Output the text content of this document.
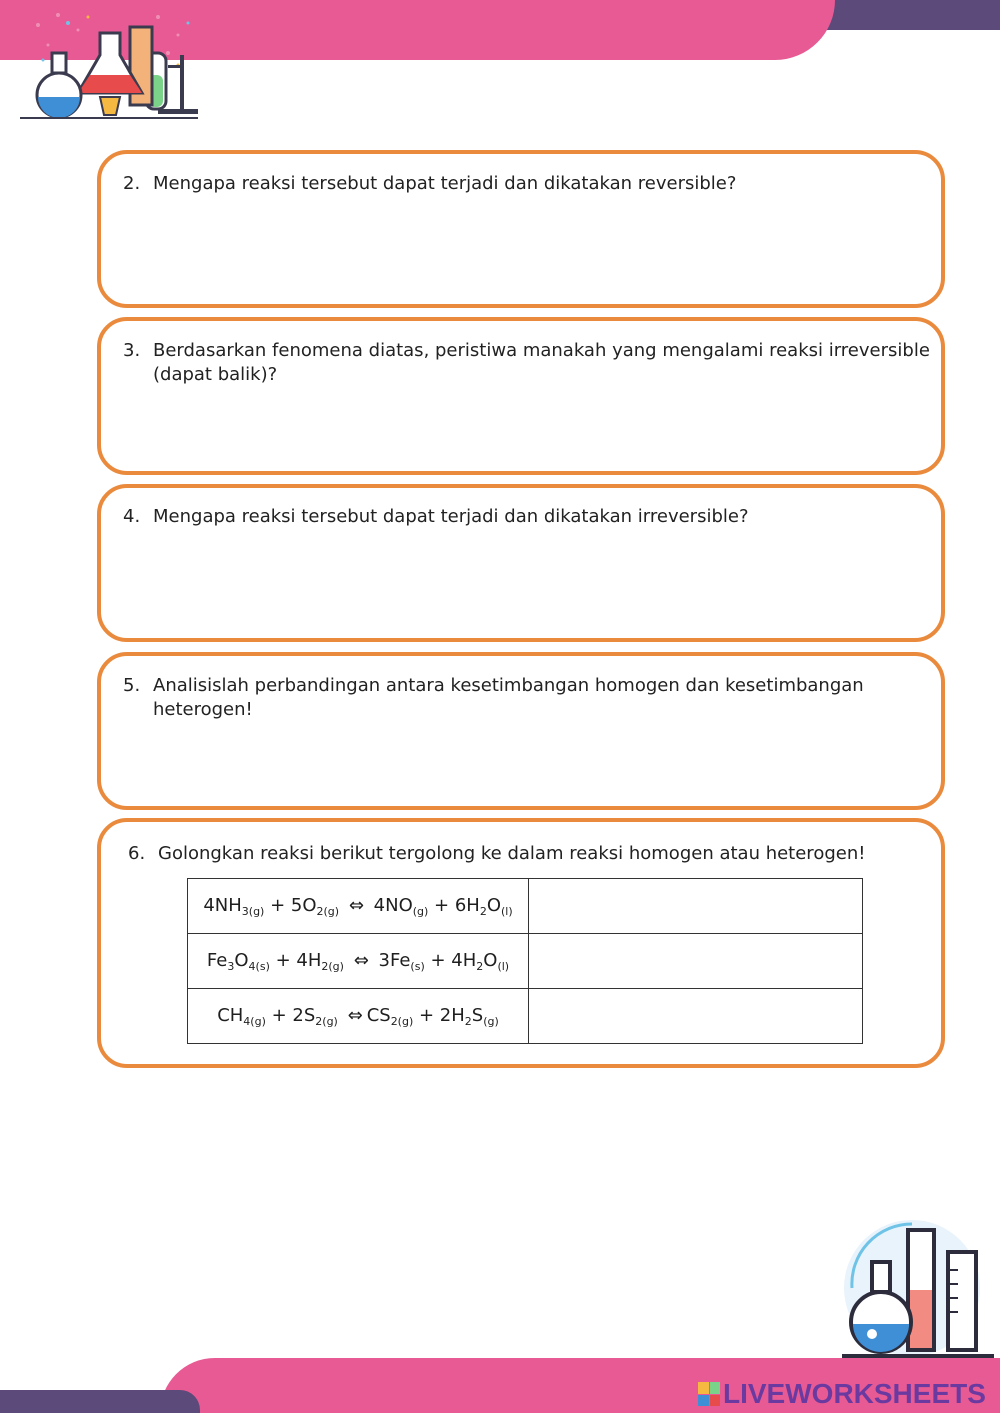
2. Mengapa reaksi tersebut dapat terjadi dan dikatakan reversible?
3. Berdasarkan fenomena diatas, peristiwa manakah yang mengalami reaksi irreversible
(dapat balik)?
4. Mengapa reaksi tersebut dapat terjadi dan dikatakan irreversible?
5. Analisislah perbandingan antara kesetimbangan homogen dan kesetimbangan
heterogen!
6. Golongkan reaksi berikut tergolong ke dalam reaksi homogen atau heterogen!
$4NH_{3(g)} + 5O_{2(g)}$ ⇔ $4NO_{(g)} + 6H_2O_{(l)}$	
$Fe_3O_{4(s)} + 4H_{2(g)}$ ⇔ $3Fe_{(s)} + 4H_2O_{(l)}$	
$CH_{4(g)} + 2S_{2(g)}$ ⇔ $CS_{2(g)} + 2H_2S_{(g)}$	
LIVEWORKSHEETS
